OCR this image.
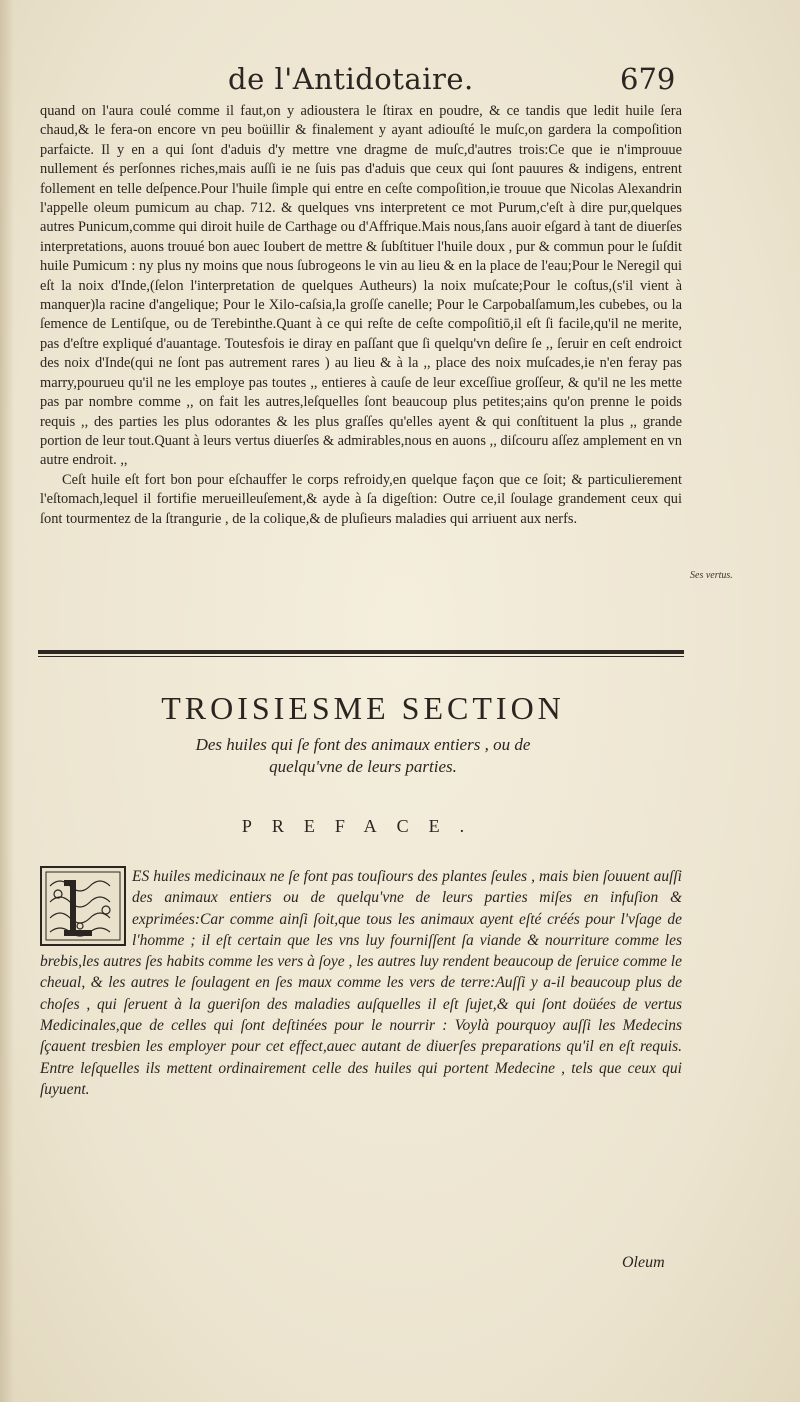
de l'Antidotaire.	679

quand on l'aura coulé comme il faut,on y adioustera le ſtirax en poudre, & ce tandis que ledit huile ſera chaud,& le fera-on encore vn peu boüillir & finalement y ayant adiouſté le muſc,on gardera la compoſition parfaicte. Il y en a qui ſont d'aduis d'y mettre vne dragme de muſc,d'autres trois:Ce que ie n'improuue nullement és perſonnes riches,mais auſſi ie ne ſuis pas d'aduis que ceux qui ſont pauures & indigens, entrent follement en telle deſpence.Pour l'huile ſimple qui entre en ceſte compoſition,ie trouue que Nicolas Alexandrin l'appelle oleum pumicum au chap. 712. & quelques vns interpretent ce mot Purum,c'eſt à dire pur,quelques autres Punicum,comme qui diroit huile de Carthage ou d'Affrique.Mais nous,ſans auoir eſgard à tant de diuerſes interpretations, auons trouué bon auec Ioubert de mettre & ſubſtituer l'huile doux , pur & commun pour le ſuſdit huile Pumicum : ny plus ny moins que nous ſubrogeons le vin au lieu & en la place de l'eau;Pour le Neregil qui eſt la noix d'Inde,(ſelon l'interpretation de quelques Autheurs) la noix muſcate;Pour le coſtus,(s'il vient à manquer)la racine d'angelique; Pour le Xilo-caſsia,la groſſe canelle; Pour le Carpobalſamum,les cubebes, ou la ſemence de Lentiſque, ou de Terebinthe.Quant à ce qui reſte de ceſte compoſitiō,il eſt ſi facile,qu'il ne merite, pas d'eſtre expliqué d'auantage. Toutesfois ie diray en paſſant que ſi quelqu'vn deſire ſe ,, ſeruir en ceſt endroict des noix d'Inde(qui ne ſont pas autrement rares ) au lieu & à la ,, place des noix muſcades,ie n'en feray pas marry,pourueu qu'il ne les employe pas toutes ,, entieres à cauſe de leur exceſſiue groſſeur, & qu'il ne les mette pas par nombre comme ,, on fait les autres,leſquelles ſont beaucoup plus petites;ains qu'on prenne le poids requis ,, des parties les plus odorantes & les plus graſſes qu'elles ayent & qui conſtituent la plus ,, grande portion de leur tout.Quant à leurs vertus diuerſes & admirables,nous en auons ,, diſcouru aſſez amplement en vn autre endroit. ,,

Ceſt huile eſt fort bon pour eſchauffer le corps refroidy,en quelque façon que ce ſoit; & particulierement l'eſtomach,lequel il fortifie merueilleuſement,& ayde à ſa digeſtion: Outre ce,il ſoulage grandement ceux qui ſont tourmentez de la ſtrangurie , de la colique,& de pluſieurs maladies qui arriuent aux nerfs.

Ses vertus.
TROISIESME SECTION
Des huiles qui ſe font des animaux entiers , ou de
quelqu'vne de leurs parties.
PREFACE.
ES huiles medicinaux ne ſe font pas touſiours des plantes ſeules , mais bien ſouuent auſſi des animaux entiers ou de quelqu'vne de leurs parties miſes en infuſion & exprimées:Car comme ainſi ſoit,que tous les animaux ayent eſté créés pour l'vſage de l'homme ; il eſt certain que les vns luy fourniſſent ſa viande & nourriture comme les brebis,les autres ſes habits comme les vers à ſoye , les autres luy rendent beaucoup de ſeruice comme le cheual, & les autres le ſoulagent en ſes maux comme les vers de terre:Auſſi y a-il beaucoup plus de choſes , qui ſeruent à la gueriſon des maladies auſquelles il eſt ſujet,& qui ſont doüées de vertus Medicinales,que de celles qui ſont deſtinées pour le nourrir : Voylà pourquoy auſſi les Medecins ſçauent tresbien les employer pour cet effect,auec autant de diuerſes preparations qu'il en eſt requis. Entre leſquelles ils mettent ordinairement celle des huiles qui portent Medecine , tels que ceux qui ſuyuent.
Oleum
